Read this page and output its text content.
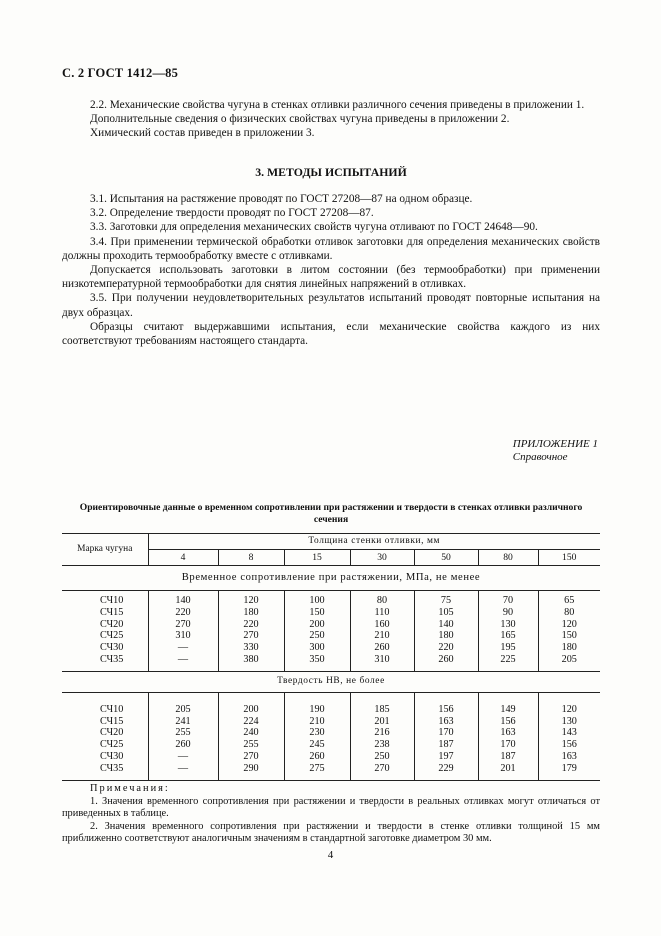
С. 2 ГОСТ 1412—85

2.2. Механические свойства чугуна в стенках отливки различного сечения приведены в приложении 1.

Дополнительные сведения о физических свойствах чугуна приведены в приложении 2.

Химический состав приведен в приложении 3.

3. МЕТОДЫ ИСПЫТАНИЙ

3.1. Испытания на растяжение проводят по ГОСТ 27208—87 на одном образце.

3.2. Определение твердости проводят по ГОСТ 27208—87.

3.3. Заготовки для определения механических свойств чугуна отливают по ГОСТ 24648—90.

3.4. При применении термической обработки отливок заготовки для определения механических свойств должны проходить термообработку вместе с отливками.

Допускается использовать заготовки в литом состоянии (без термообработки) при применении низкотемпературной термообработки для снятия линейных напряжений в отливках.

3.5. При получении неудовлетворительных результатов испытаний проводят повторные испытания на двух образцах.

Образцы считают выдержавшими испытания, если механические свойства каждого из них соответствуют требованиям настоящего стандарта.

ПРИЛОЖЕНИЕ 1
Справочное
Ориентировочные данные о временном сопротивлении при растяжении и твердости в стенках отливки различного сечения
Марка чугуна	Толщина стенки отливки, мм						
	4	8	15	30	50	80	150
Временное сопротивление при растяжении, МПа, не менее							

СЧ10	140	120	100	80	75	70	65
СЧ15	220	180	150	110	105	90	80
СЧ20	270	220	200	160	140	130	120
СЧ25	310	270	250	210	180	165	150
СЧ30	—	330	300	260	220	195	180
СЧ35	—	380	350	310	260	225	205
Твердость НВ, не более							

СЧ10	205	200	190	185	156	149	120
СЧ15	241	224	210	201	163	156	130
СЧ20	255	240	230	216	170	163	143
СЧ25	260	255	245	238	187	170	156
СЧ30	—	270	260	250	197	187	163
СЧ35	—	290	275	270	229	201	179

Примечания:

1. Значения временного сопротивления при растяжении и твердости в реальных отливках могут отличаться от приведенных в таблице.

2. Значения временного сопротивления при растяжении и твердости в стенке отливки толщиной 15 мм приближенно соответствуют аналогичным значениям в стандартной заготовке диаметром 30 мм.

4
